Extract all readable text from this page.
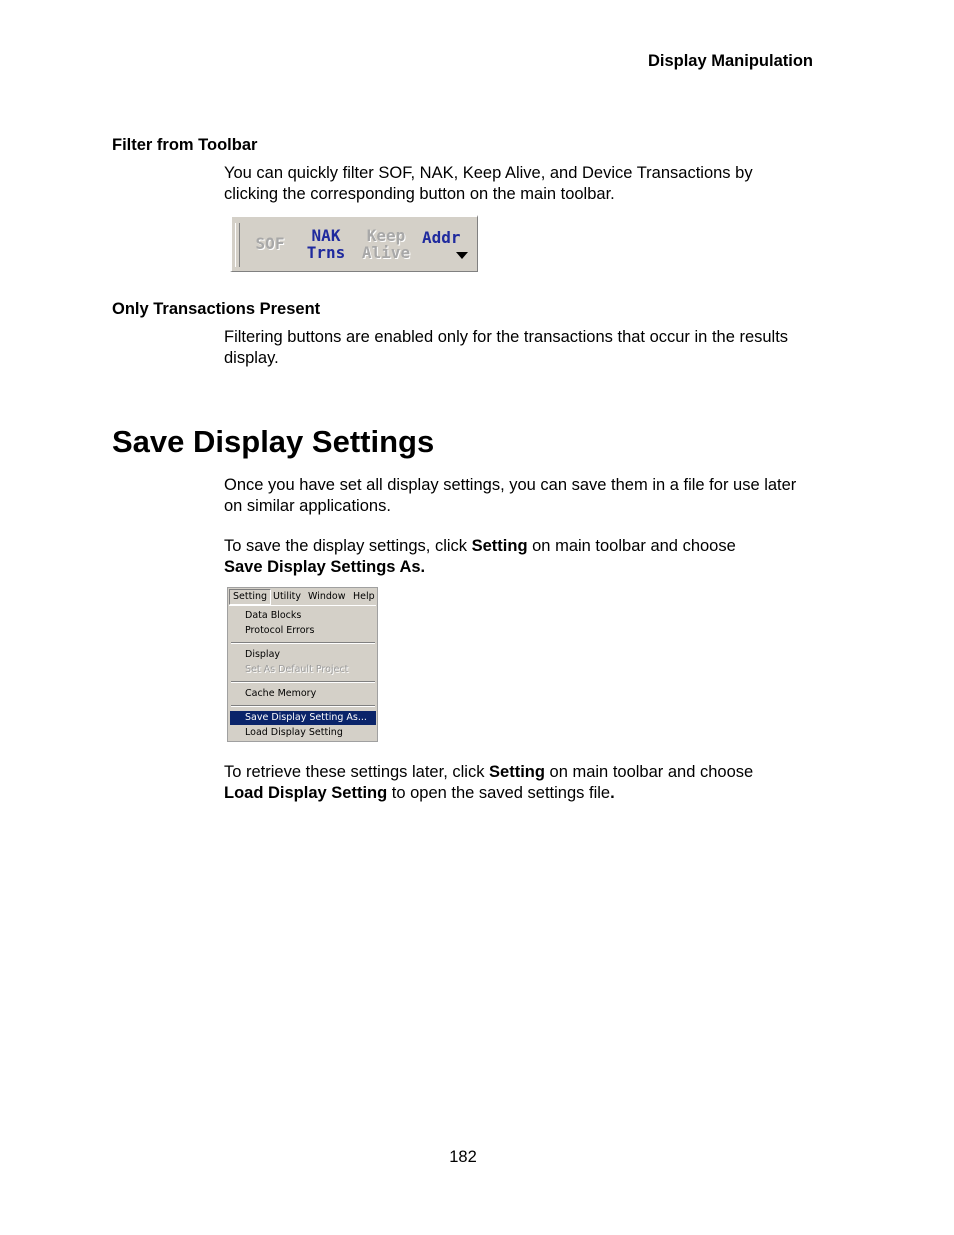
Display Manipulation
Filter from Toolbar
You can quickly filter SOF, NAK, Keep Alive, and Device Transactions by
clicking the corresponding button on the main toolbar.
SOF	NAK
Trns
Keep
Alive
Addr
Only Transactions Present
Filtering buttons are enabled only for the transactions that occur in the results
display.
Save Display Settings
Once you have set all display settings, you can save them in a file for use later
on similar applications.
To save the display settings, click Setting on main toolbar and choose
Save Display Settings As.
Setting Utility Window Help
Data Blocks
Protocol Errors
Display
Set As Default Project
Cache Memory
Save Display Setting As...
Load Display Setting
To retrieve these settings later, click Setting on main toolbar and choose
Load Display Setting to open the saved settings file.
182
